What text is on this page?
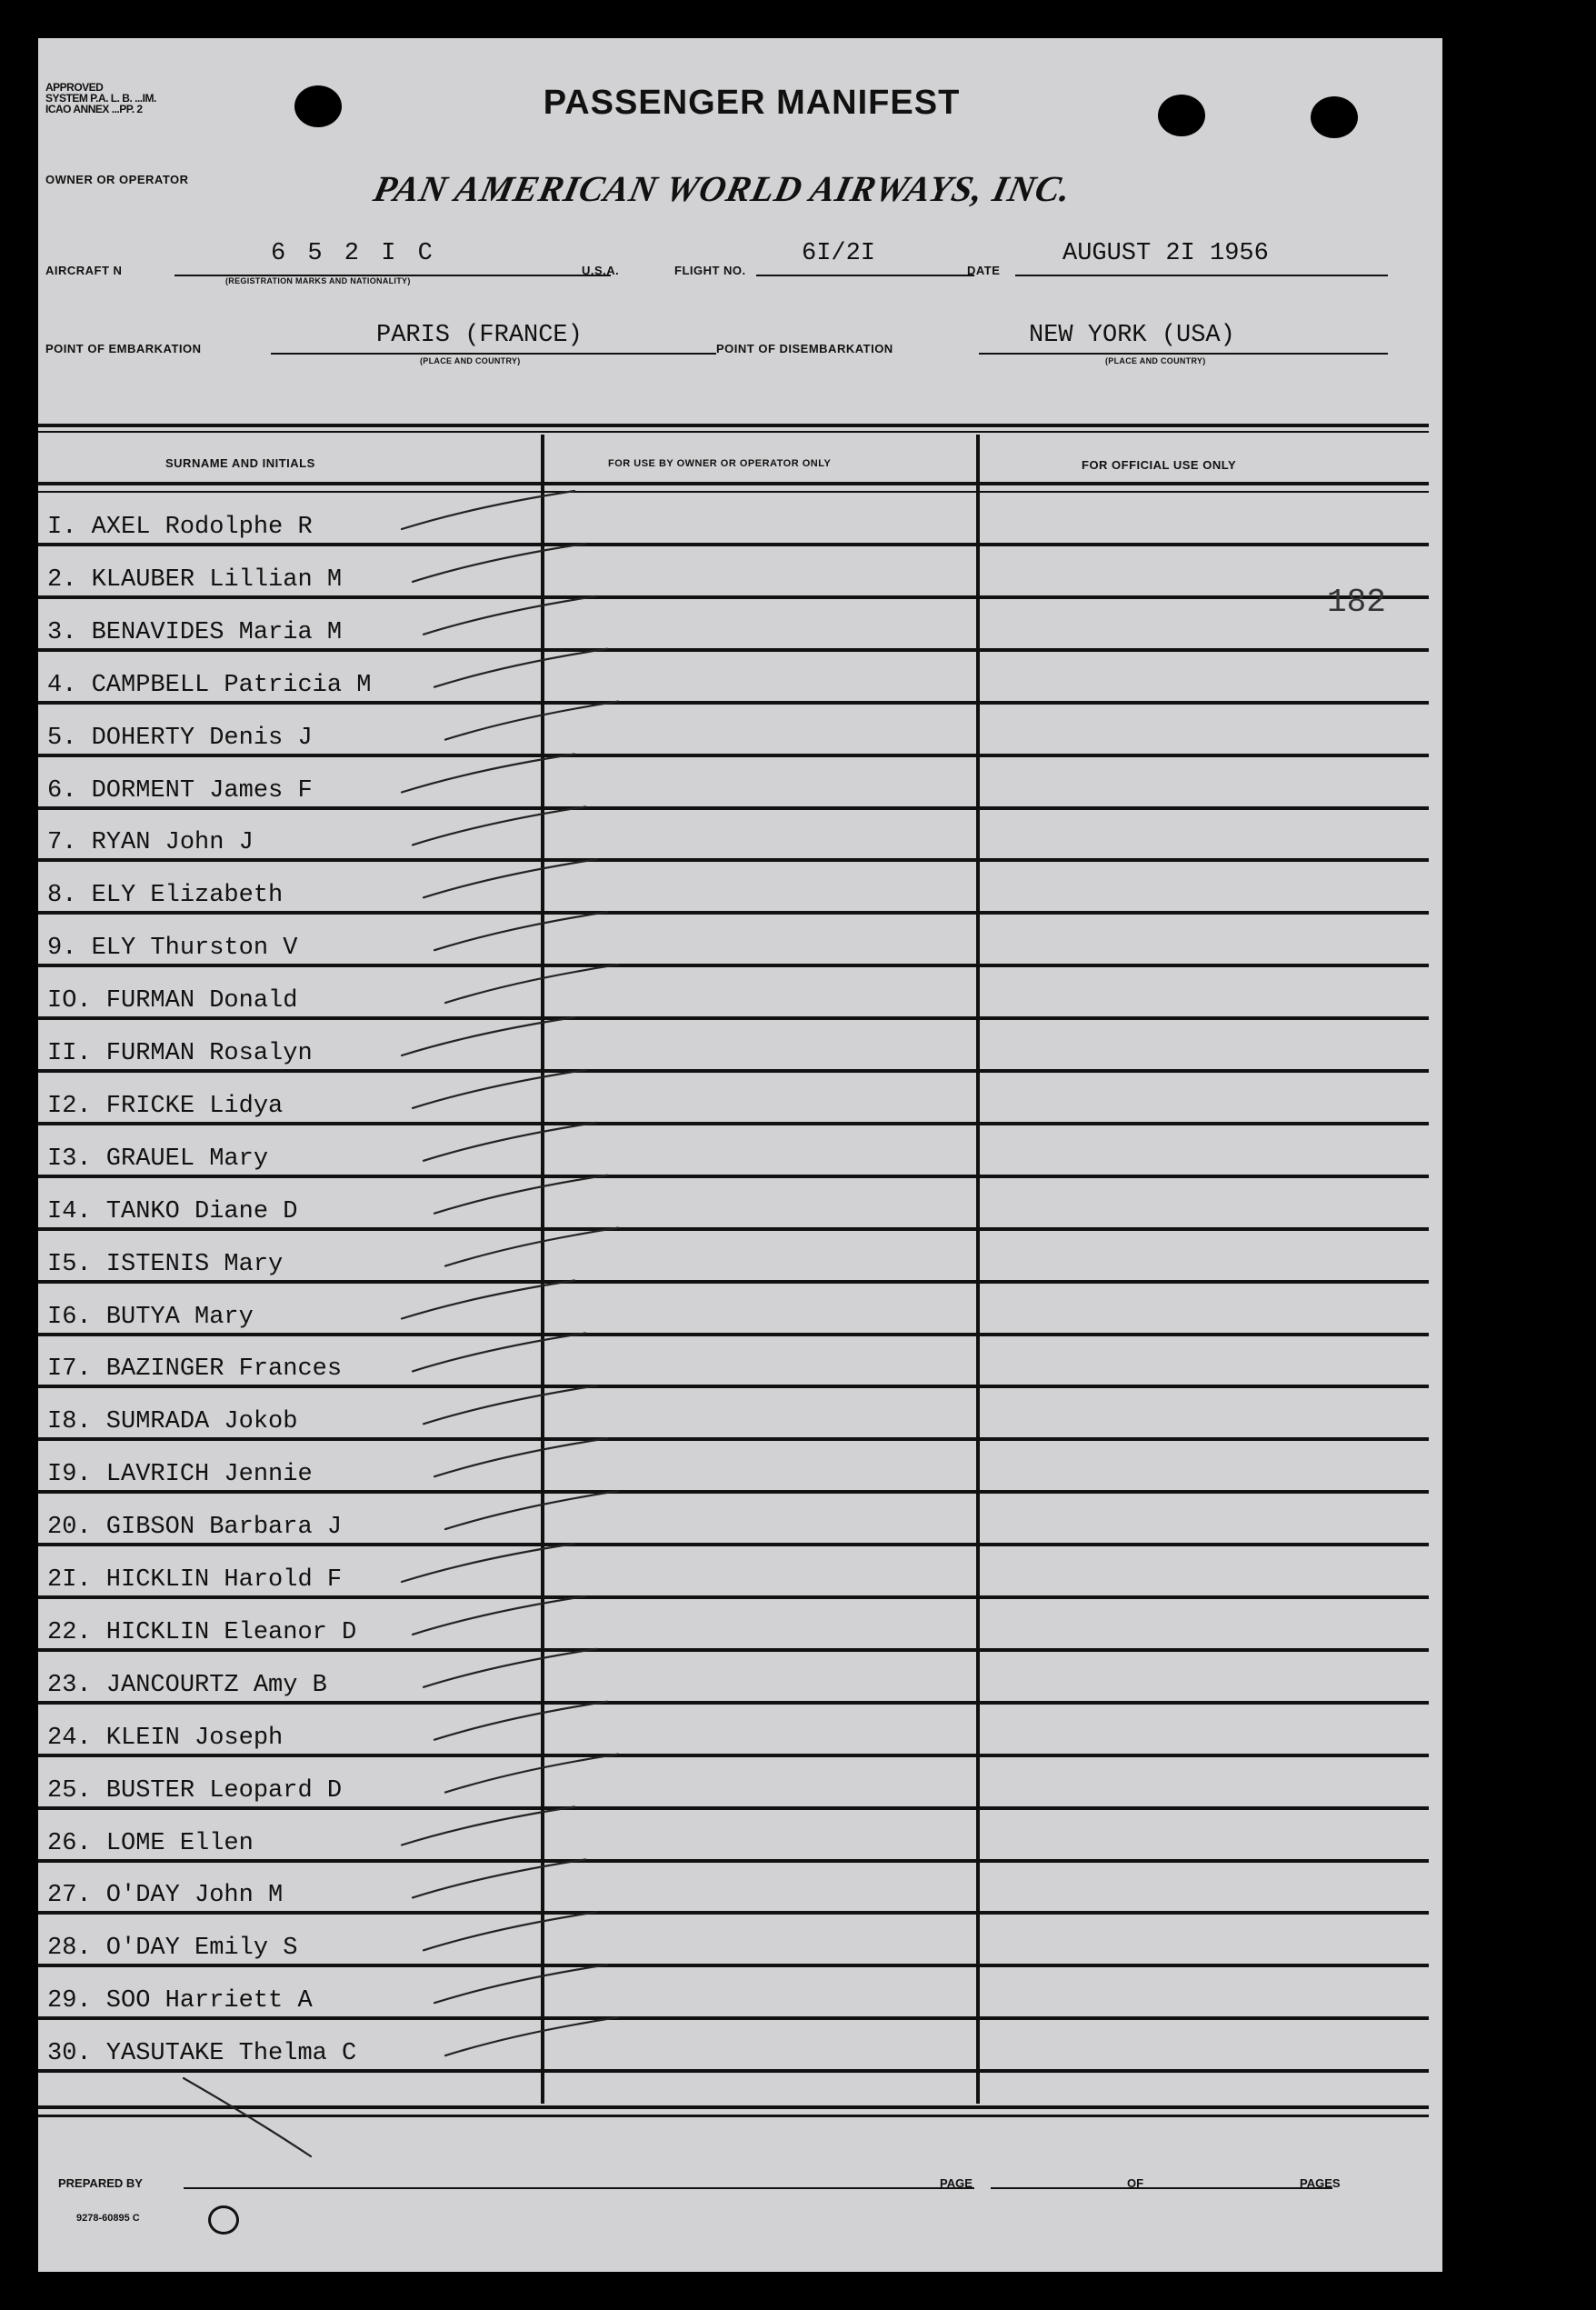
APPROVED
SYSTEM P.A. L. B. ...IM.
ICAO ANNEX ...PP. 2	PASSENGER MANIFEST
OWNER OR OPERATOR	PAN AMERICAN WORLD AIRWAYS, INC.
AIRCRAFT N
6 5 2 I C
(REGISTRATION MARKS AND NATIONALITY)
U.S.A.	FLIGHT NO.
6I/2I
DATE
AUGUST 2I 1956
POINT OF EMBARKATION	PARIS (FRANCE)
(PLACE AND COUNTRY)
POINT OF DISEMBARKATION	NEW YORK (USA)
(PLACE AND COUNTRY)
SURNAME AND INITIALS	FOR USE BY OWNER OR OPERATOR ONLY	FOR OFFICIAL USE ONLY
I. AXEL Rodolphe R
2. KLAUBER Lillian M
3. BENAVIDES Maria M
4. CAMPBELL Patricia M
5. DOHERTY Denis J
6. DORMENT James F
7. RYAN John J
8. ELY Elizabeth
9. ELY Thurston V
IO. FURMAN Donald
II. FURMAN Rosalyn
I2. FRICKE Lidya
I3. GRAUEL Mary
I4. TANKO Diane D
I5. ISTENIS Mary
I6. BUTYA Mary
I7. BAZINGER Frances
I8. SUMRADA Jokob
I9. LAVRICH Jennie
20. GIBSON Barbara J
2I. HICKLIN Harold F
22. HICKLIN Eleanor D
23. JANCOURTZ Amy B
24. KLEIN Joseph
25. BUSTER Leopard D
26. LOME Ellen
27. O'DAY John M
28. O'DAY Emily S
29. SOO Harriett A
30. YASUTAKE Thelma C
182
PREPARED BY	PAGE	OF	PAGES
9278-60895 C
